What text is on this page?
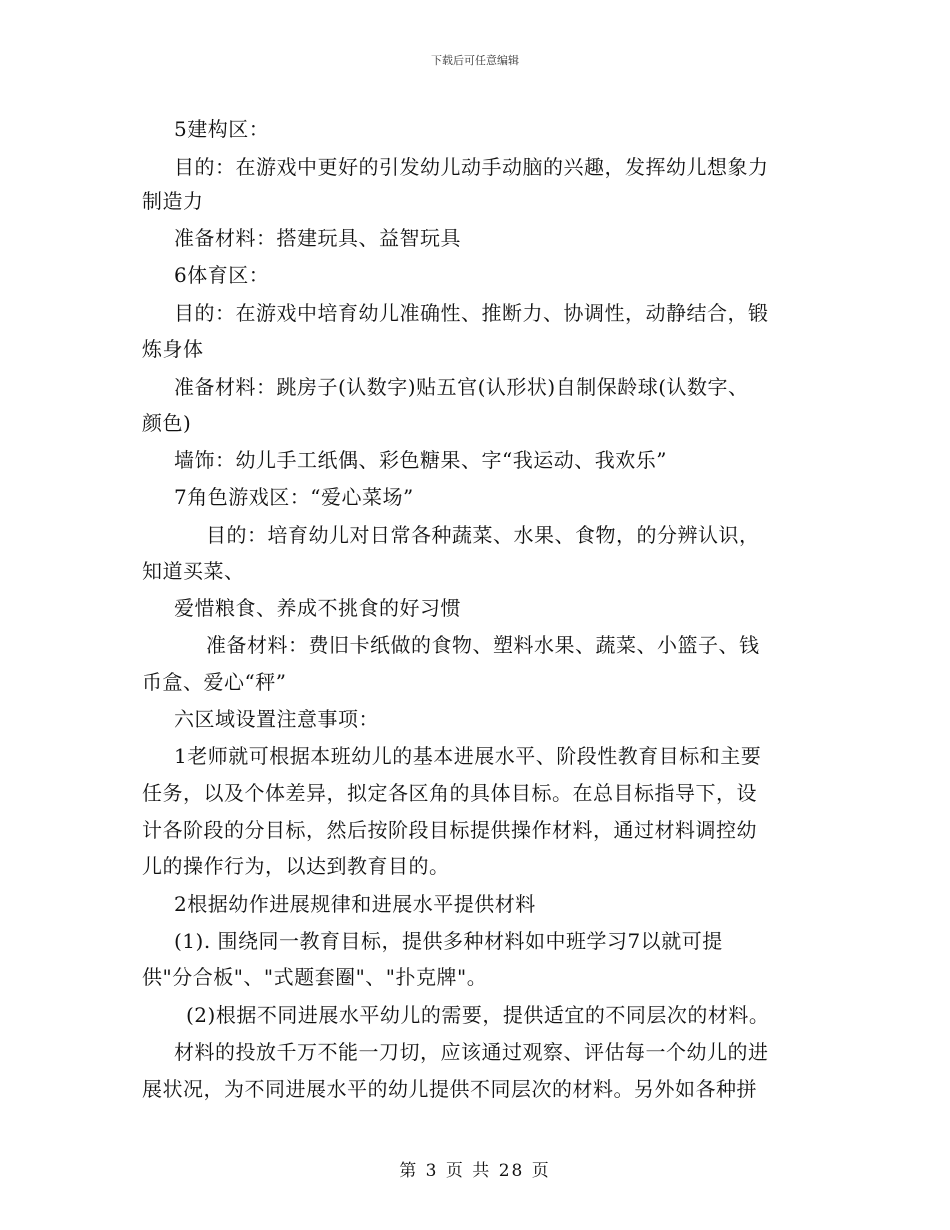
下载后可任意编辑
5建构区：
目的：在游戏中更好的引发幼儿动手动脑的兴趣，发挥幼儿想象力
制造力
准备材料：搭建玩具、益智玩具
6体育区：
目的：在游戏中培育幼儿准确性、推断力、协调性，动静结合，锻
炼身体
准备材料：跳房子(认数字)贴五官(认形状)自制保龄球(认数字、
颜色)
墙饰：幼儿手工纸偶、彩色糖果、字“我运动、我欢乐”
7角色游戏区：“爱心菜场”
目的：培育幼儿对日常各种蔬菜、水果、食物，的分辨认识，
知道买菜、
爱惜粮食、养成不挑食的好习惯
准备材料：费旧卡纸做的食物、塑料水果、蔬菜、小篮子、钱
币盒、爱心“秤”
六区域设置注意事项：
1老师就可根据本班幼儿的基本进展水平、阶段性教育目标和主要
任务，以及个体差异，拟定各区角的具体目标。在总目标指导下，设
计各阶段的分目标，然后按阶段目标提供操作材料，通过材料调控幼
儿的操作行为，以达到教育目的。
2根据幼作进展规律和进展水平提供材料
(1). 围绕同一教育目标，提供多种材料如中班学习7以就可提
供"分合板"、"式题套圈"、"扑克牌"。
(2)根据不同进展水平幼儿的需要，提供适宜的不同层次的材料。
材料的投放千万不能一刀切，应该通过观察、评估每一个幼儿的进
展状况，为不同进展水平的幼儿提供不同层次的材料。另外如各种拼
第 3 页 共 28 页
